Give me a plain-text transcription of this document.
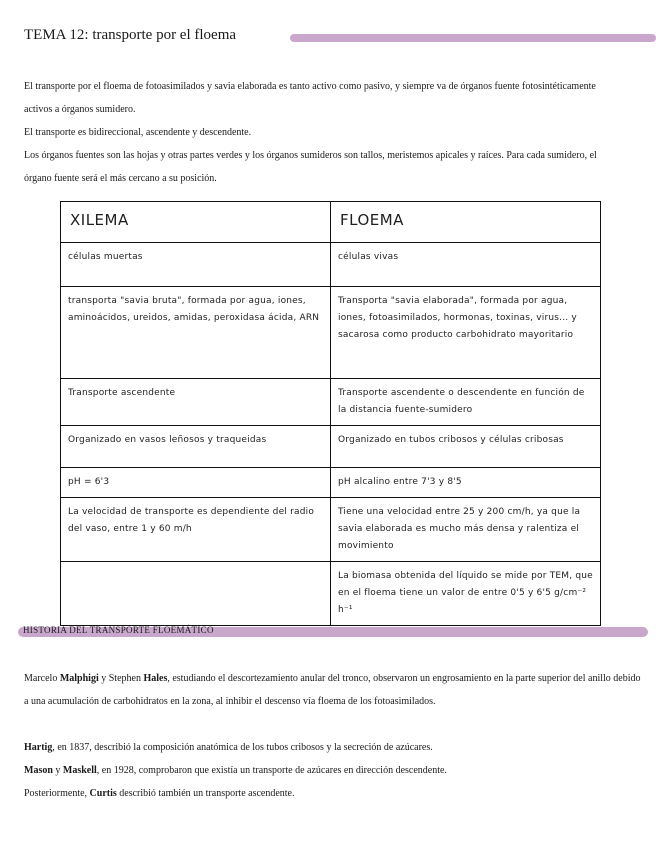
TEMA 12: transporte por el floema

El transporte por el floema de fotoasimilados y savia elaborada es tanto activo como pasivo, y siempre va de órganos fuente fotosintéticamente activos a órganos sumidero.

El transporte es bidireccional, ascendente y descendente.

Los órganos fuentes son las hojas y otras partes verdes y los órganos sumideros son tallos, meristemos apicales y raíces. Para cada sumidero, el órgano fuente será el más cercano a su posición.

XILEMA	FLOEMA
células muertas	células vivas
transporta "savia bruta", formada por agua, iones, aminoácidos, ureidos, amidas, peroxidasa ácida, ARN	Transporta "savia elaborada", formada por agua, iones, fotoasimilados, hormonas, toxinas, virus... y sacarosa como producto carbohidrato mayoritario
Transporte ascendente	Transporte ascendente o descendente en función de la distancia fuente-sumidero
Organizado en vasos leñosos y traqueidas	Organizado en tubos cribosos y células cribosas
pH = 6'3	pH alcalino entre 7'3 y 8'5
La velocidad de transporte es dependiente del radio del vaso, entre 1 y 60 m/h	Tiene una velocidad entre 25 y 200 cm/h, ya que la savia elaborada es mucho más densa y ralentiza el movimiento
	La biomasa obtenida del líquido se mide por TEM, que en el floema tiene un valor de entre 0'5 y 6'5 g/cm⁻² h⁻¹
HISTORIA DEL TRANSPORTE FLOEMÁTICO

Marcelo Malphigi y Stephen Hales, estudiando el descortezamiento anular del tronco, observaron un engrosamiento en la parte superior del anillo debido a una acumulación de carbohidratos en la zona, al inhibir el descenso vía floema de los fotoasimilados.

Hartig, en 1837, describió la composición anatómica de los tubos cribosos y la secreción de azúcares.

Mason y Maskell, en 1928, comprobaron que existía un transporte de azúcares en dirección descendente.

Posteriormente, Curtis describió también un transporte ascendente.
